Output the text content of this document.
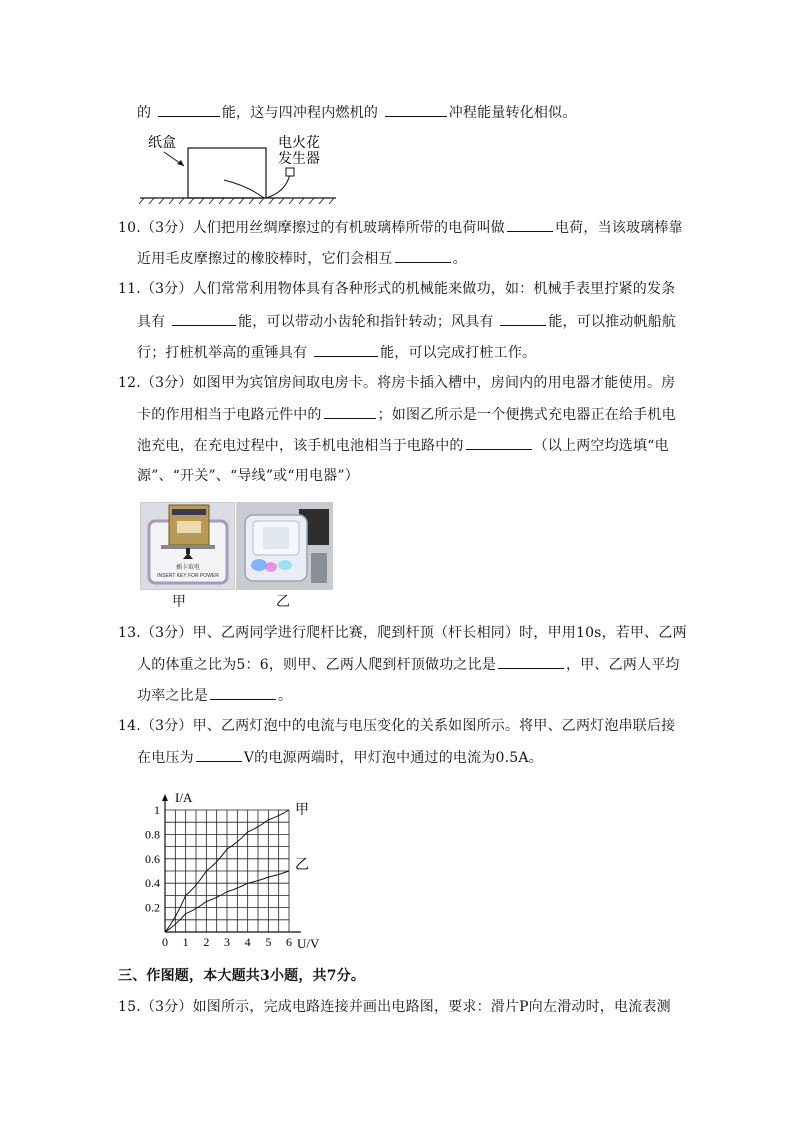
的	能，这与四冲程内燃机的	冲程能量转化相似。
纸盒	电火花
发生器
10.（3分）人们把用丝绸摩擦过的有机玻璃棒所带的电荷叫做	电荷，当该玻璃棒靠
近用毛皮摩擦过的橡胶棒时，它们会相互	。
11.（3分）人们常常利用物体具有各种形式的机械能来做功，如：机械手表里拧紧的发条
具有	能，可以带动小齿轮和指针转动；风具有	能，可以推动帆船航
行；打桩机举高的重锤具有	能，可以完成打桩工作。
12.（3分）如图甲为宾馆房间取电房卡。将房卡插入槽中，房间内的用电器才能使用。房
卡的作用相当于电路元件中的	；如图乙所示是一个便携式充电器正在给手机电
池充电，在充电过程中，该手机电池相当于电路中的	（以上两空均选填“电
源”、“开关”、“导线”或“用电器”）
插卡取电
INSERT KEY FOR POWER
甲	乙
13.（3分）甲、乙两同学进行爬杆比赛，爬到杆顶（杆长相同）时，甲用10s，若甲、乙两
人的体重之比为5：6，则甲、乙两人爬到杆顶做功之比是	，甲、乙两人平均
功率之比是	。
14.（3分）甲、乙两灯泡中的电流与电压变化的关系如图所示。将甲、乙两灯泡串联后接
在电压为	V的电源两端时，甲灯泡中通过的电流为0.5A。
0 1 2 3 4 5 6
0.2
0.4
0.6
0.8
1	甲
乙
I/A
U/V
三、作图题，本大题共3小题，共7分。
15.（3分）如图所示，完成电路连接并画出电路图，要求：滑片P向左滑动时，电流表测
